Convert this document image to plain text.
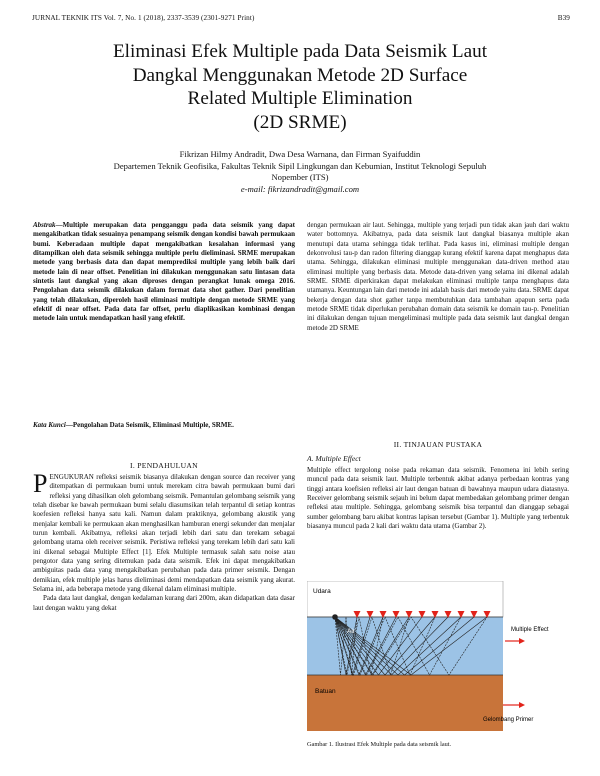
JURNAL TEKNIK ITS Vol. 7, No. 1 (2018), 2337-3539 (2301-9271 Print)	B39
Eliminasi Efek Multiple pada Data Seismik Laut
Dangkal Menggunakan Metode 2D Surface
Related Multiple Elimination
(2D SRME)
Fikrizan Hilmy Andradit, Dwa Desa Warnana, dan Firman Syaifuddin
Departemen Teknik Geofisika, Fakultas Teknik Sipil Lingkungan dan Kebumian, Institut Teknologi Sepuluh
Nopember (ITS)
e-mail: fikrizandradit@gmail.com
Abstrak—Multiple merupakan data pengganggu pada data seismik yang dapat mengakibatkan tidak sesuainya penampang seismik dengan kondisi bawah permukaan bumi. Keberadaan multiple dapat mengakibatkan kesalahan informasi yang ditampilkan oleh data seismik sehingga multiple perlu dieliminasi. SRME merupakan metode yang berbasis data dan dapat memprediksi multiple yang lebih baik dari metode lain di near offset. Penelitian ini dilakukan menggunakan satu lintasan data sintetis laut dangkal yang akan diproses dengan perangkat lunak omega 2016. Pengolahan data seismik dilakukan dalam format data shot gather. Dari penelitian yang telah dilakukan, diperoleh hasil eliminasi multiple dengan metode SRME yang efektif di near offset. Pada data far offset, perlu diaplikasikan kombinasi dengan metode lain untuk mendapatkan hasil yang efektif.
Kata Kunci—Pengolahan Data Seismik, Eliminasi Multiple, SRME.
I. PENDAHULUAN

PENGUKURAN refleksi seismik biasanya dilakukan dengan source dan receiver yang ditempatkan di permukaan bumi untuk merekam citra bawah permukaan bumi dari refleksi yang dihasilkan oleh gelombang seismik. Pemantulan gelombang seismik yang telah disebar ke bawah permukaan bumi selalu diasumsikan telah terpantul di setiap kontras koefesien refleksi hanya satu kali. Namun dalam praktiknya, gelombang akustik yang menjalar kembali ke permukaan akan menghasilkan hamburan energi sekunder dan menjalar turun kembali. Akibatnya, refleksi akan terjadi lebih dari satu dan terekam sebagai gelombang utama oleh receiver seismik. Peristiwa refleksi yang terekam lebih dari satu kali ini dikenal sebagai Multiple Effect [1]. Efek Multiple termasuk salah satu noise atau pengotor data yang sering ditemukan pada data seismik. Efek ini dapat mengakibatkan ambiguitas pada data yang mengakibatkan perubahan pada data primer seismik. Dengan demikian, efek multiple jelas harus dieliminasi demi mendapatkan data seismik yang akurat. Selama ini, ada beberapa metode yang dikenal dalam eliminasi multiple.

Pada data laut dangkal, dengan kedalaman kurang dari 200m, akan didapatkan data dasar laut dengan waktu yang dekat

dengan permukaan air laut. Sehingga, multiple yang terjadi pun tidak akan jauh dari waktu water bottomnya. Akibatnya, pada data seismik laut dangkal biasanya multiple akan menutupi data utama sehingga tidak terlihat. Pada kasus ini, eliminasi multiple dengan dekonvolusi tau-p dan radon filtering dianggap kurang efektif karena dapat menghapus data utama. Sehingga, dilakukan eliminasi multiple menggunakan data-driven method atau eliminasi multiple yang berbasis data. Metode data-driven yang selama ini dikenal adalah SRME. SRME diperkirakan dapat melakukan eliminasi multiple tanpa menghapus data utamanya. Keuntungan lain dari metode ini adalah basis dari metode yaitu data. SRME dapat bekerja dengan data shot gather tanpa membutuhkan data tambahan apapun serta pada metode SRME tidak diperlukan perubahan domain data seismik ke domain tau-p. Penelitian ini dilakukan dengan tujuan mengeliminasi multiple pada data seismik laut dangkal dengan metode 2D SRME
II. TINJAUAN PUSTAKA
A. Multiple Effect
Multiple effect tergolong noise pada rekaman data seismik. Fenomena ini lebih sering muncul pada data seismik laut. Multiple terbentuk akibat adanya perbedaan kontras yang tinggi antara koefisien refleksi air laut dengan batuan di bawahnya maupun udara diatasnya. Receiver gelombang seismik sejauh ini belum dapat membedakan gelombang primer dengan refleksi atau multiple. Sehingga, gelombang seismik bisa terpantul dan dianggap sebagai sumber gelombang baru akibat kontras lapisan tersebut (Gambar 1). Multiple yang terbentuk biasanya muncul pada 2 kali dari waktu data utama (Gambar 2).
Udara
Air
Batuan
Multiple Effect
Gelombang Primer
Gambar 1. Ilustrasi Efek Multiple pada data seismik laut.
